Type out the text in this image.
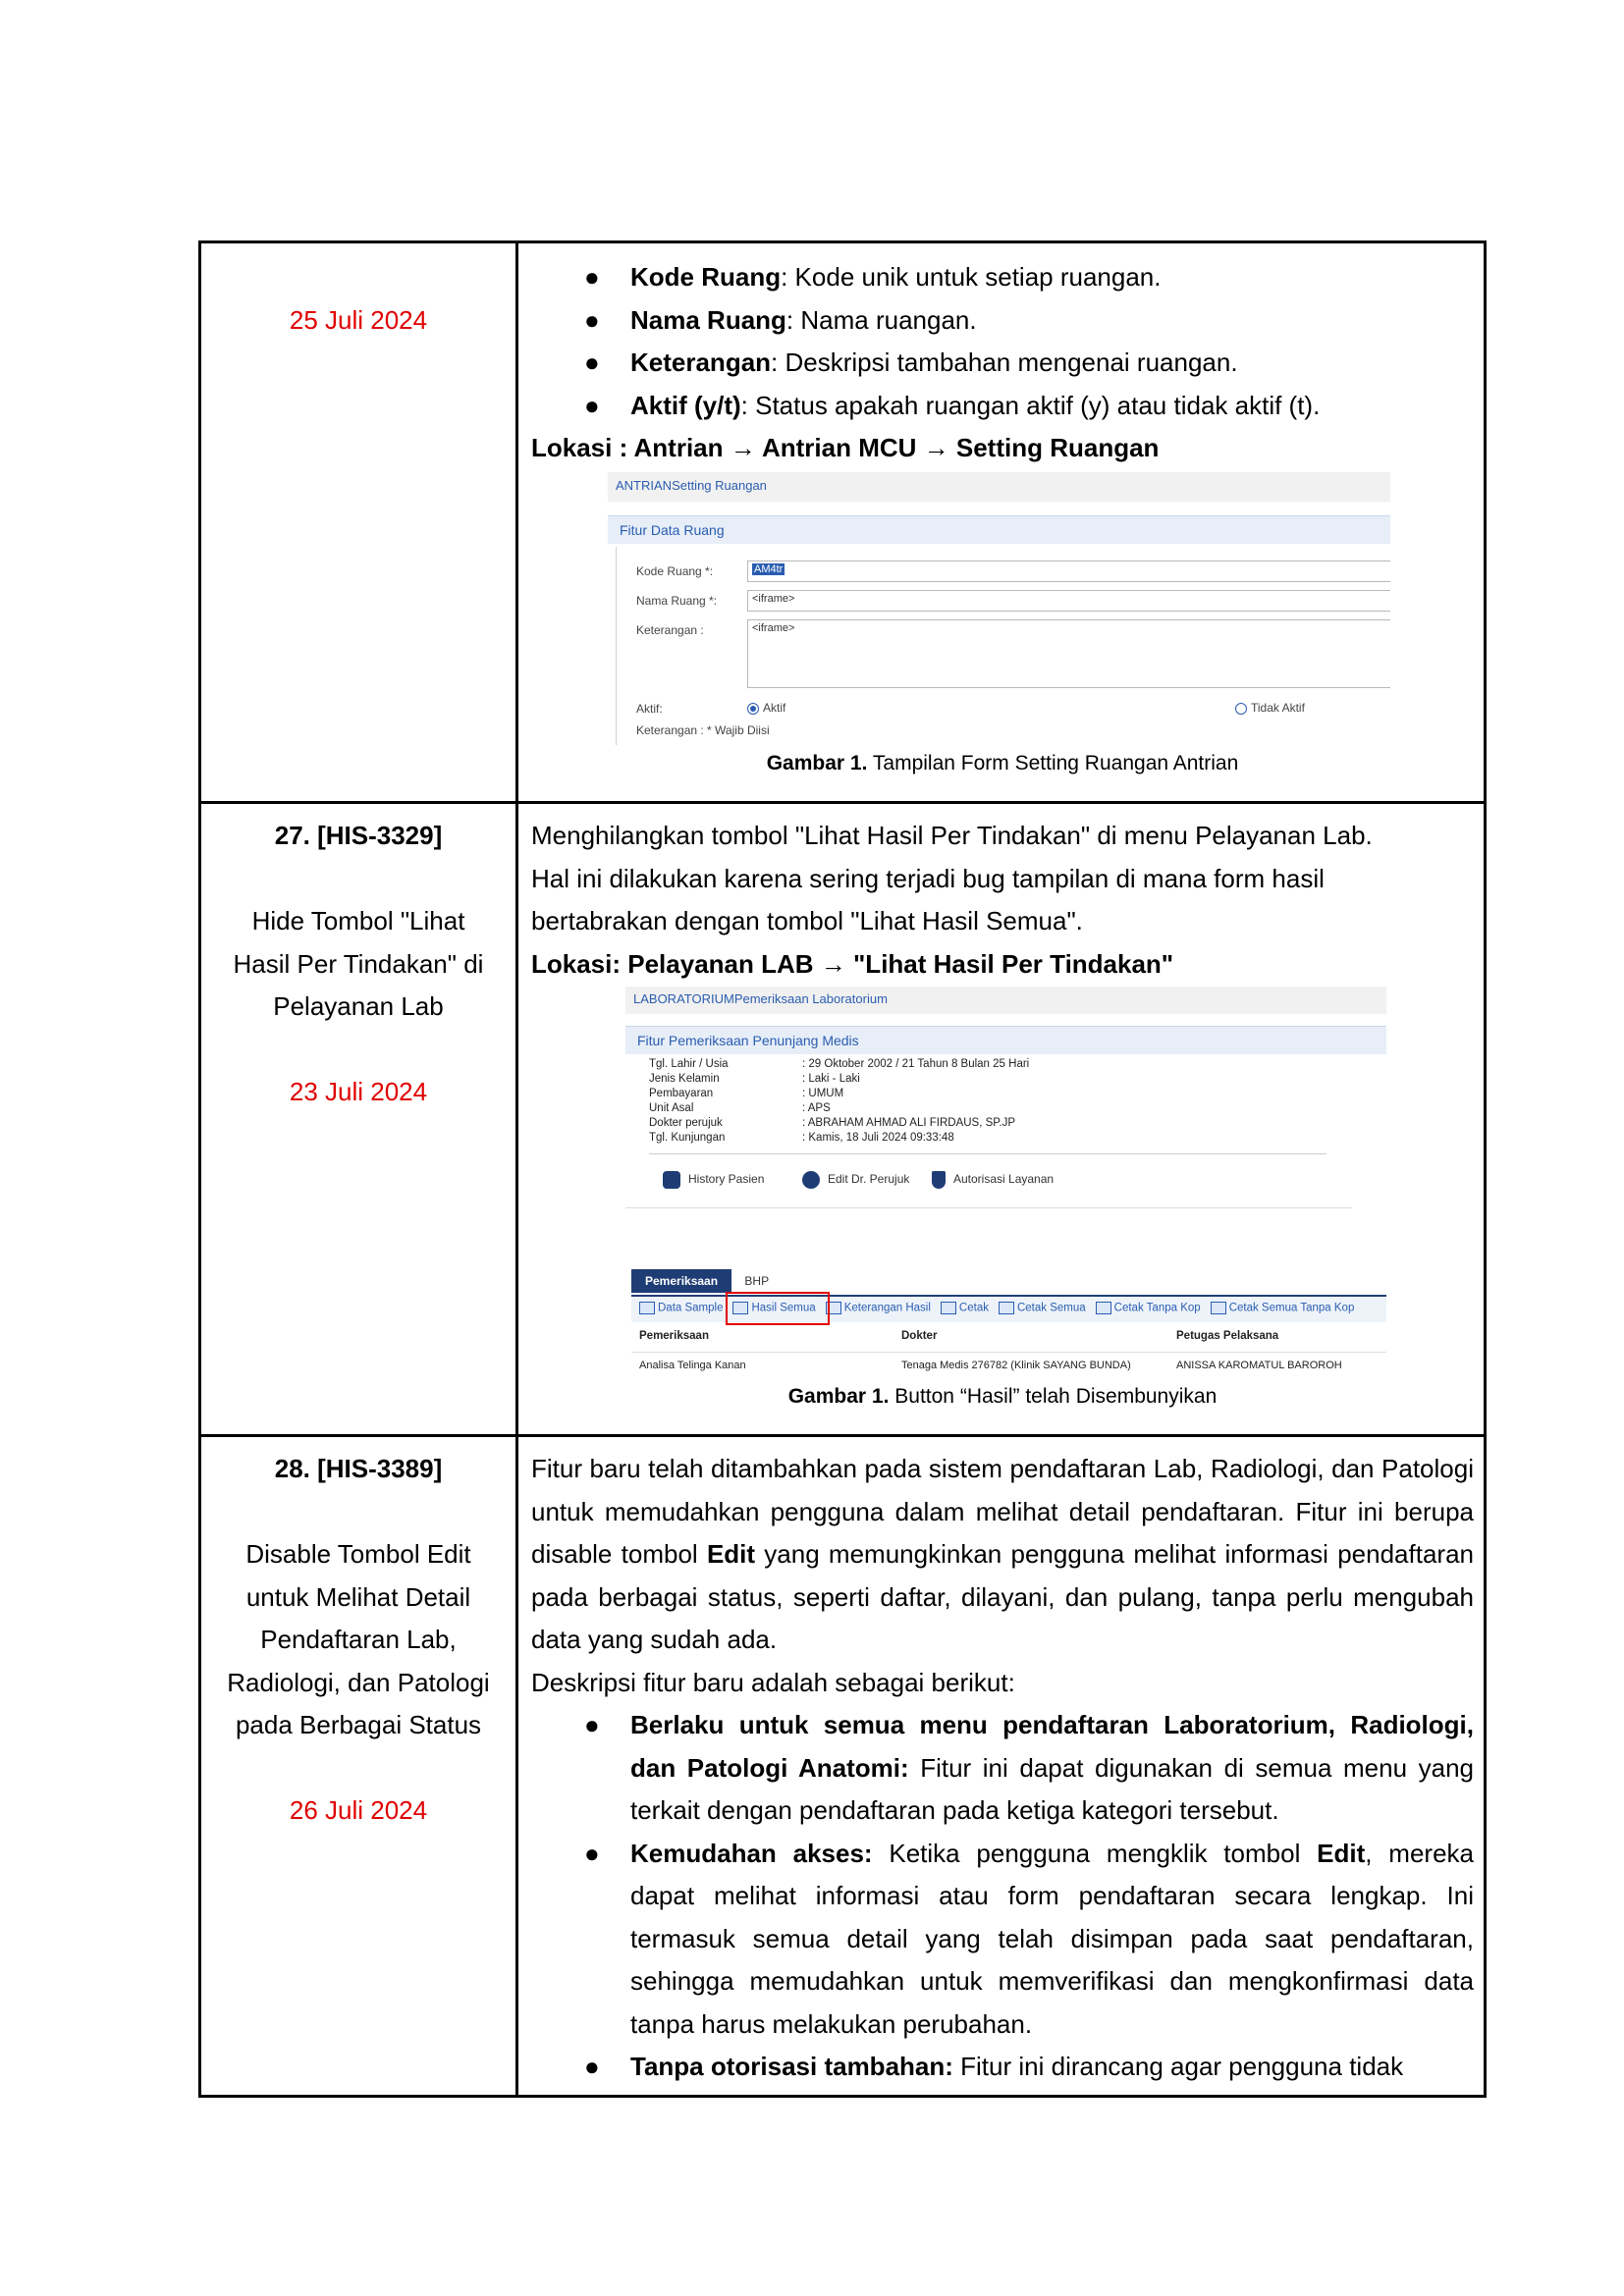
25 Juli 2024
● Kode Ruang: Kode unik untuk setiap ruangan.
● Nama Ruang: Nama ruangan.
● Keterangan: Deskripsi tambahan mengenai ruangan.
● Aktif (y/t): Status apakah ruangan aktif (y) atau tidak aktif (t).
Lokasi : Antrian → Antrian MCU → Setting Ruangan
ANTRIANSetting Ruangan
Fitur Data Ruang
Kode Ruang *:	AM4tr
Nama Ruang *:	<iframe>
Keterangan :	<iframe>
Aktif:	Aktif	Tidak Aktif
Keterangan : * Wajib Diisi
Gambar 1. Tampilan Form Setting Ruangan Antrian
27. [HIS-3329]
Hide Tombol "Lihat
Hasil Per Tindakan" di
Pelayanan Lab
23 Juli 2024
Menghilangkan tombol "Lihat Hasil Per Tindakan" di menu Pelayanan Lab.
Hal ini dilakukan karena sering terjadi bug tampilan di mana form hasil
bertabrakan dengan tombol "Lihat Hasil Semua".
Lokasi: Pelayanan LAB → "Lihat Hasil Per Tindakan"
LABORATORIUMPemeriksaan Laboratorium
Fitur Pemeriksaan Penunjang Medis
Tgl. Lahir / Usia	: 29 Oktober 2002 / 21 Tahun 8 Bulan 25 Hari
Jenis Kelamin	: Laki - Laki
Pembayaran	: UMUM
Unit Asal	: APS
Dokter perujuk	: ABRAHAM AHMAD ALI FIRDAUS, SP.JP
Tgl. Kunjungan	: Kamis, 18 Juli 2024 09:33:48
History Pasien	Edit Dr. Perujuk	Autorisasi Layanan
Pemeriksaan BHP
Data Sample	Hasil Semua	Keterangan Hasil	Cetak	Cetak Semua	Cetak Tanpa Kop	Cetak Semua Tanpa Kop
Pemeriksaan	Dokter	Petugas Pelaksana
Analisa Telinga Kanan	Tenaga Medis 276782 (Klinik SAYANG BUNDA)	ANISSA KAROMATUL BAROROH
Gambar 1. Button “Hasil” telah Disembunyikan
28. [HIS-3389]
Disable Tombol Edit
untuk Melihat Detail
Pendaftaran Lab,
Radiologi, dan Patologi
pada Berbagai Status
26 Juli 2024
Fitur baru telah ditambahkan pada sistem pendaftaran Lab, Radiologi, dan Patologi untuk memudahkan pengguna dalam melihat detail pendaftaran. Fitur ini berupa disable tombol Edit yang memungkinkan pengguna melihat informasi pendaftaran pada berbagai status, seperti daftar, dilayani, dan pulang, tanpa perlu mengubah data yang sudah ada.
Deskripsi fitur baru adalah sebagai berikut:
● Berlaku untuk semua menu pendaftaran Laboratorium, Radiologi, dan Patologi Anatomi: Fitur ini dapat digunakan di semua menu yang terkait dengan pendaftaran pada ketiga kategori tersebut.
● Kemudahan akses: Ketika pengguna mengklik tombol Edit, mereka dapat melihat informasi atau form pendaftaran secara lengkap. Ini termasuk semua detail yang telah disimpan pada saat pendaftaran, sehingga memudahkan untuk memverifikasi dan mengkonfirmasi data tanpa harus melakukan perubahan.
● Tanpa otorisasi tambahan: Fitur ini dirancang agar pengguna tidak
